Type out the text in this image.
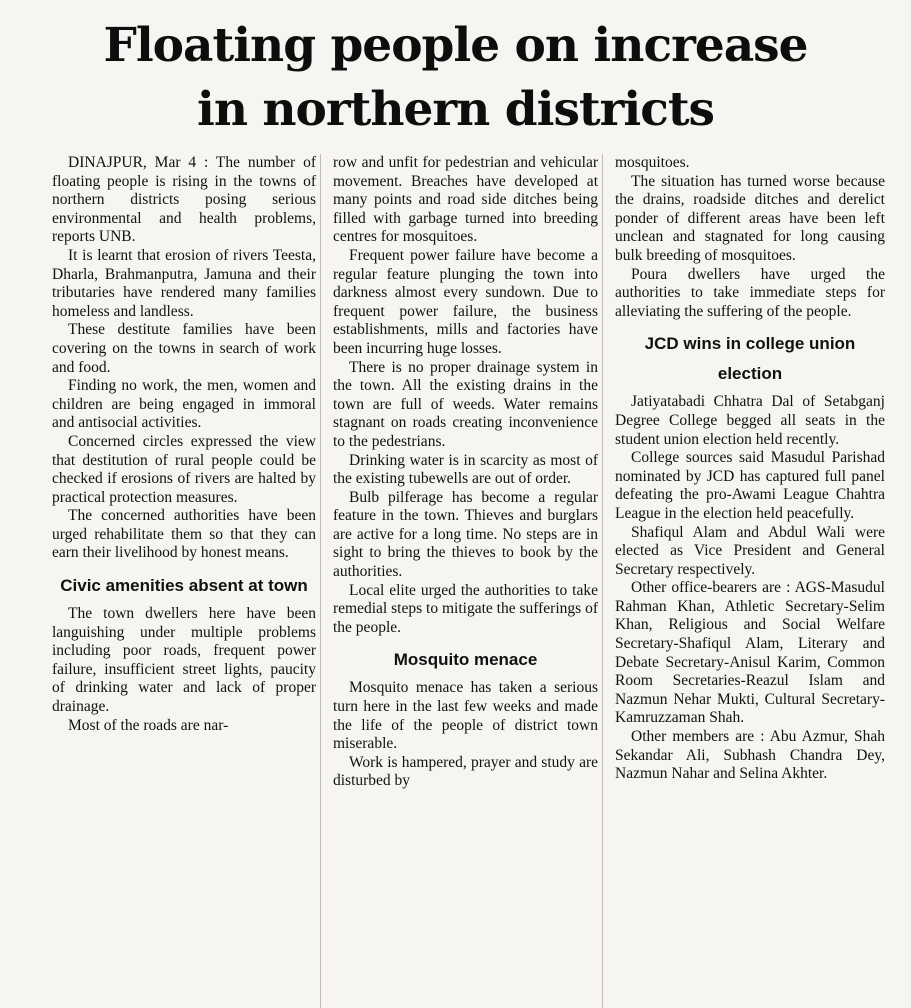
Floating people on increase
in northern districts

DINAJPUR, Mar 4 : The number of floating people is rising in the towns of northern districts posing serious environmental and health problems, reports UNB.

It is learnt that erosion of rivers Teesta, Dharla, Brahmanputra, Jamuna and their tributaries have rendered many families homeless and landless.

These destitute families have been covering on the towns in search of work and food.

Finding no work, the men, women and children are being engaged in immoral and antisocial activities.

Concerned circles expressed the view that destitution of rural people could be checked if erosions of rivers are halted by practical protection measures.

The concerned authorities have been urged rehabilitate them so that they can earn their livelihood by honest means.

Civic amenities absent at town

The town dwellers here have been languishing under multiple problems including poor roads, frequent power failure, insufficient street lights, paucity of drinking water and lack of proper drainage.

Most of the roads are nar-

row and unfit for pedestrian and vehicular movement. Breaches have developed at many points and road side ditches being filled with garbage turned into breeding centres for mosquitoes.

Frequent power failure have become a regular feature plunging the town into darkness almost every sundown. Due to frequent power failure, the business establishments, mills and factories have been incurring huge losses.

There is no proper drainage system in the town. All the existing drains in the town are full of weeds. Water remains stagnant on roads creating inconvenience to the pedestrians.

Drinking water is in scarcity as most of the existing tubewells are out of order.

Bulb pilferage has become a regular feature in the town. Thieves and burglars are active for a long time. No steps are in sight to bring the thieves to book by the authorities.

Local elite urged the authorities to take remedial steps to mitigate the sufferings of the people.

Mosquito menace

Mosquito menace has taken a serious turn here in the last few weeks and made the life of the people of district town miserable.

Work is hampered, prayer and study are disturbed by

mosquitoes.

The situation has turned worse because the drains, roadside ditches and derelict ponder of different areas have been left unclean and stagnated for long causing bulk breeding of mosquitoes.

Poura dwellers have urged the authorities to take immediate steps for alleviating the suffering of the people.

JCD wins in college union election

Jatiyatabadi Chhatra Dal of Setabganj Degree College begged all seats in the student union election held recently.

College sources said Masudul Parishad nominated by JCD has captured full panel defeating the pro-Awami League Chahtra League in the election held peacefully.

Shafiqul Alam and Abdul Wali were elected as Vice President and General Secretary respectively.

Other office-bearers are : AGS-Masudul Rahman Khan, Athletic Secretary-Selim Khan, Religious and Social Welfare Secretary-Shafiqul Alam, Literary and Debate Secretary-Anisul Karim, Common Room Secretaries-Reazul Islam and Nazmun Nehar Mukti, Cultural Secretary-Kamruzzaman Shah.

Other members are : Abu Azmur, Shah Sekandar Ali, Subhash Chandra Dey, Nazmun Nahar and Selina Akhter.
